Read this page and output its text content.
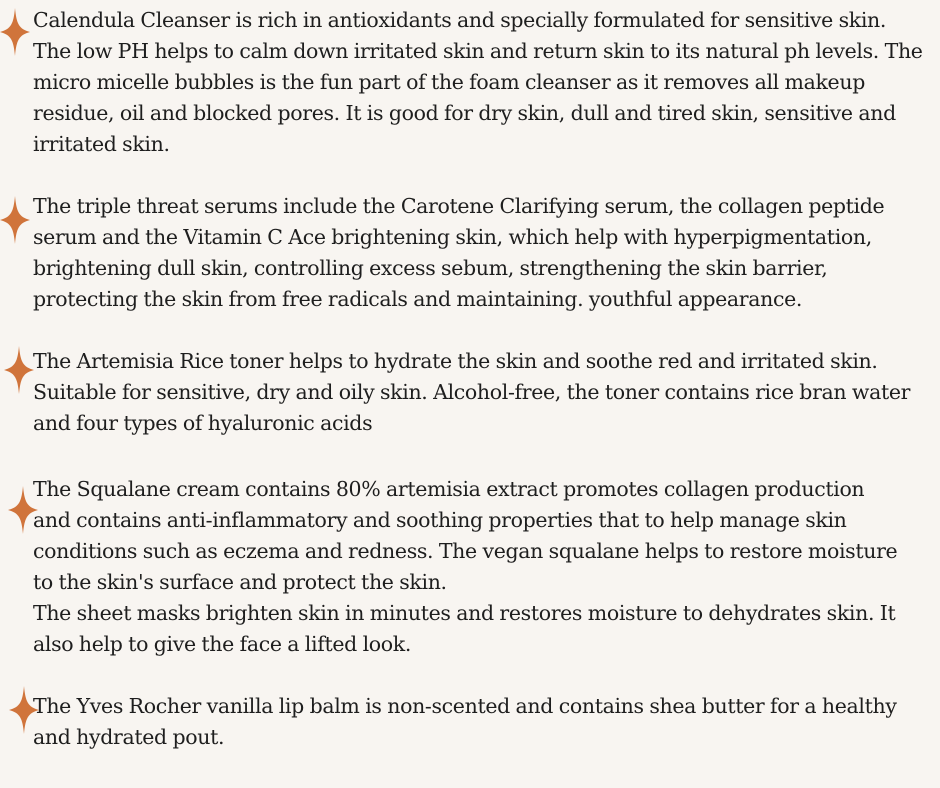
Calendula Cleanser is rich in antioxidants and specially formulated for sensitive skin.
The low PH helps to calm down irritated skin and return skin to its natural ph levels. The
micro micelle bubbles is the fun part of the foam cleanser as it removes all makeup
residue, oil and blocked pores. It is good for dry skin, dull and tired skin, sensitive and
irritated skin.

The triple threat serums include the Carotene Clarifying serum, the collagen peptide
serum and the Vitamin C Ace brightening skin, which help with hyperpigmentation,
brightening dull skin, controlling excess sebum, strengthening the skin barrier,
protecting the skin from free radicals and maintaining. youthful appearance.

The Artemisia Rice toner helps to hydrate the skin and soothe red and irritated skin.
Suitable for sensitive, dry and oily skin. Alcohol-free, the toner contains rice bran water
and four types of hyaluronic acids

The Squalane cream contains 80% artemisia extract promotes collagen production
and contains anti-inflammatory and soothing properties that to help manage skin
conditions such as eczema and redness. The vegan squalane helps to restore moisture
to the skin's surface and protect the skin.
The sheet masks brighten skin in minutes and restores moisture to dehydrates skin. It
also help to give the face a lifted look.

The Yves Rocher vanilla lip balm is non-scented and contains shea butter for a healthy
and hydrated pout.
